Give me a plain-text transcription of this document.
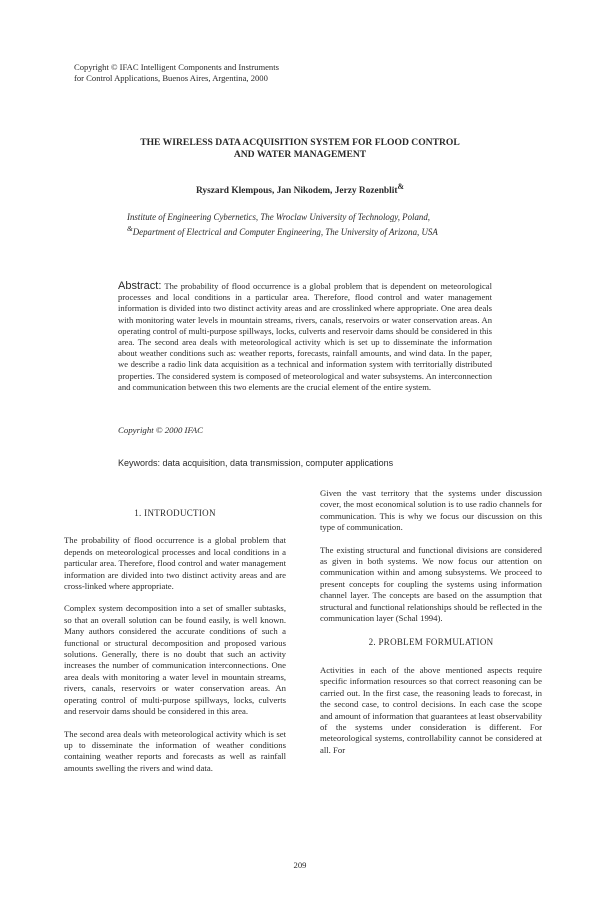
Copyright © IFAC Intelligent Components and Instruments
for Control Applications, Buenos Aires, Argentina, 2000
THE WIRELESS DATA ACQUISITION SYSTEM FOR FLOOD CONTROL
AND WATER MANAGEMENT
Ryszard Klempous, Jan Nikodem, Jerzy Rozenblit&
Institute of Engineering Cybernetics, The Wroclaw University of Technology, Poland,
&Department of Electrical and Computer Engineering, The University of Arizona, USA
Abstract: The probability of flood occurrence is a global problem that is dependent on meteorological processes and local conditions in a particular area. Therefore, flood control and water management information is divided into two distinct activity areas and are crosslinked where appropriate. One area deals with monitoring water levels in mountain streams, rivers, canals, reservoirs or water conservation areas. An operating control of multi-purpose spillways, locks, culverts and reservoir dams should be considered in this area. The second area deals with meteorological activity which is set up to disseminate the information about weather conditions such as: weather reports, forecasts, rainfall amounts, and wind data. In the paper, we describe a radio link data acquisition as a technical and information system with territorially distributed properties. The considered system is composed of meteorological and water subsystems. An interconnection and communication between this two elements are the crucial element of the entire system.
Copyright © 2000 IFAC
Keywords: data acquisition, data transmission, computer applications
1. INTRODUCTION

The probability of flood occurrence is a global problem that depends on meteorological processes and local conditions in a particular area. Therefore, flood control and water management information are divided into two distinct activity areas and are cross-linked where appropriate.

Complex system decomposition into a set of smaller subtasks, so that an overall solution can be found easily, is well known. Many authors considered the accurate conditions of such a functional or structural decomposition and proposed various solutions. Generally, there is no doubt that such an activity increases the number of communication interconnections. One area deals with monitoring a water level in mountain streams, rivers, canals, reservoirs or water conservation areas. An operating control of multi-purpose spillways, locks, culverts and reservoir dams should be considered in this area.

The second area deals with meteorological activity which is set up to disseminate the information of weather conditions containing weather reports and forecasts as well as rainfall amounts swelling the rivers and wind data.

Given the vast territory that the systems under discussion cover, the most economical solution is to use radio channels for communication. This is why we focus our discussion on this type of communication.

The existing structural and functional divisions are considered as given in both systems. We now focus our attention on communication within and among subsystems. We proceed to present concepts for coupling the systems using information channel layer. The concepts are based on the assumption that structural and functional relationships should be reflected in the communication layer (Schal 1994).

2. PROBLEM FORMULATION

Activities in each of the above mentioned aspects require specific information resources so that correct reasoning can be carried out. In the first case, the reasoning leads to forecast, in the second case, to control decisions. In each case the scope and amount of information that guarantees at least observability of the systems under consideration is different. For meteorological systems, controllability cannot be considered at all. For

209
